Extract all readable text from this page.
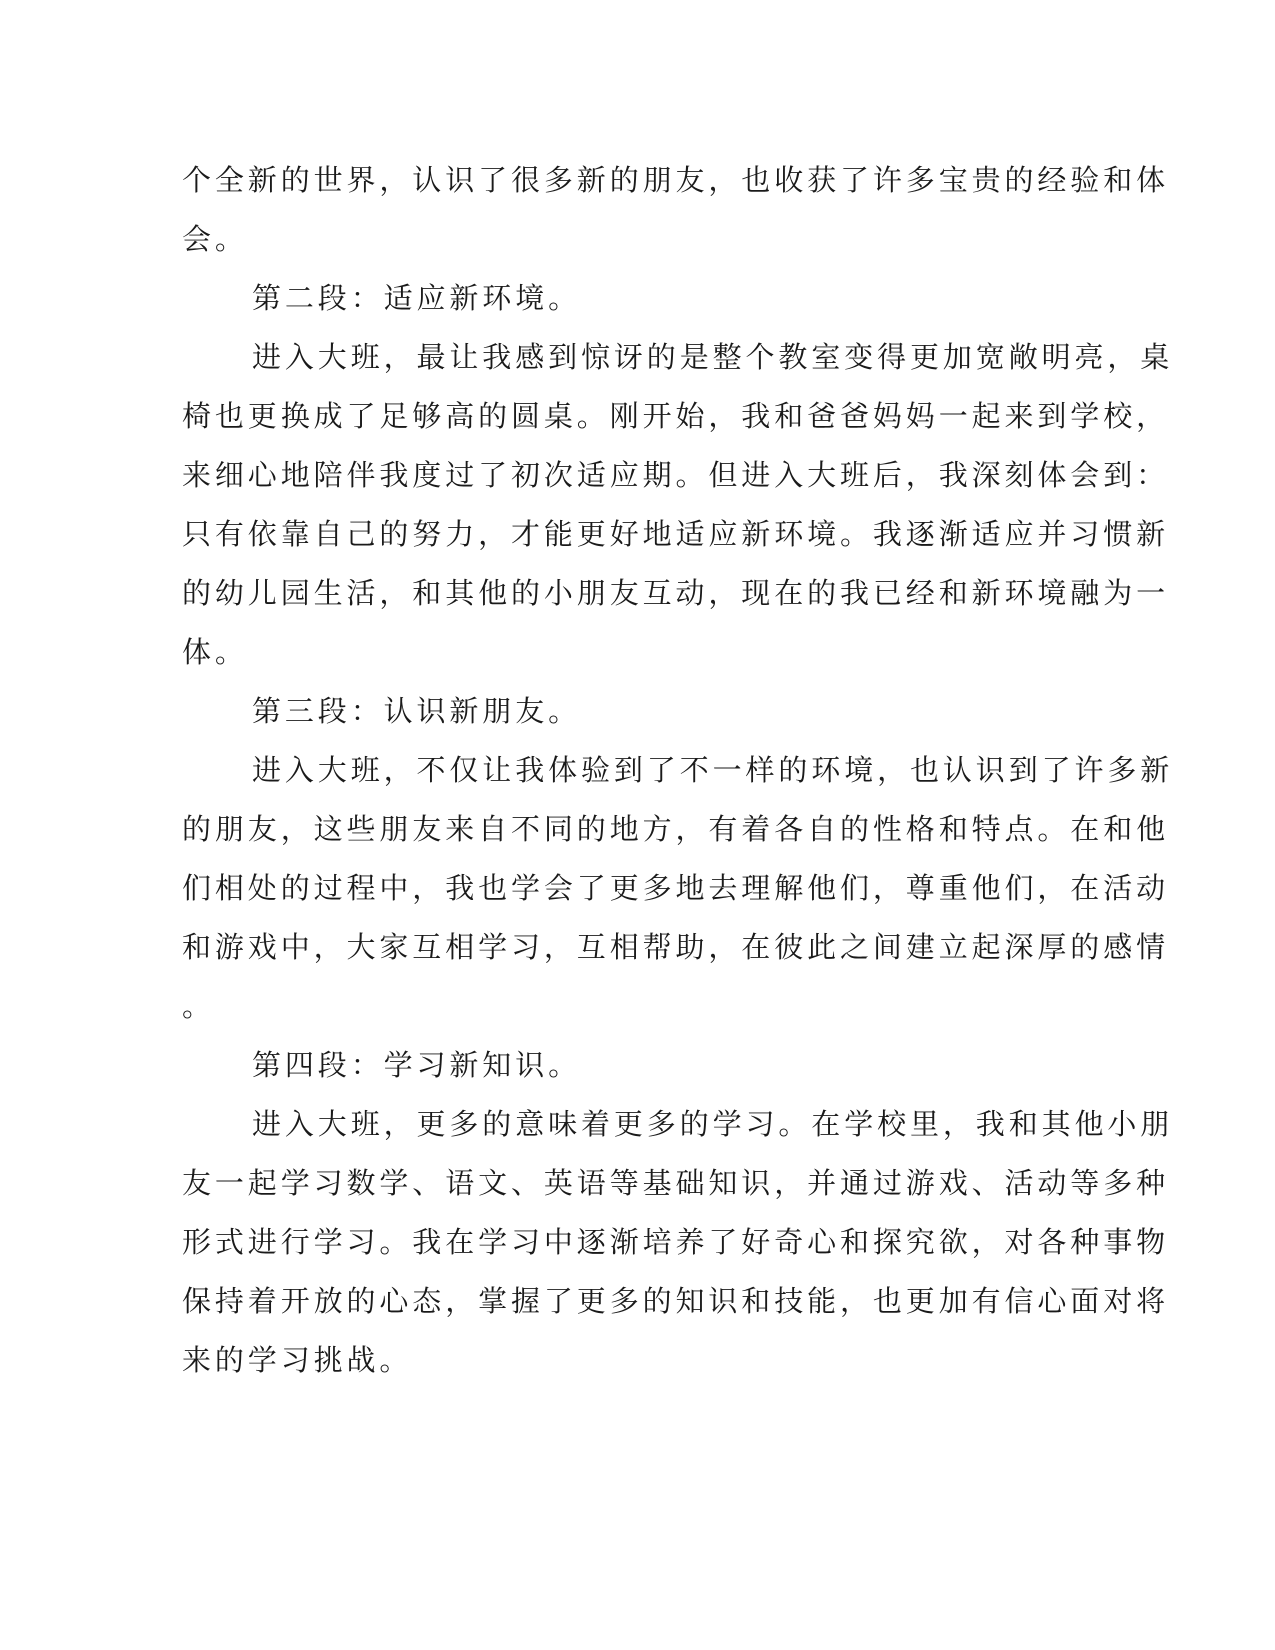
个全新的世界，认识了很多新的朋友，也收获了许多宝贵的经验和体
会。
第二段：适应新环境。
进入大班，最让我感到惊讶的是整个教室变得更加宽敞明亮，桌
椅也更换成了足够高的圆桌。刚开始，我和爸爸妈妈一起来到学校，
来细心地陪伴我度过了初次适应期。但进入大班后，我深刻体会到：
只有依靠自己的努力，才能更好地适应新环境。我逐渐适应并习惯新
的幼儿园生活，和其他的小朋友互动，现在的我已经和新环境融为一
体。
第三段：认识新朋友。
进入大班，不仅让我体验到了不一样的环境，也认识到了许多新
的朋友，这些朋友来自不同的地方，有着各自的性格和特点。在和他
们相处的过程中，我也学会了更多地去理解他们，尊重他们，在活动
和游戏中，大家互相学习，互相帮助，在彼此之间建立起深厚的感情
。
第四段：学习新知识。
进入大班，更多的意味着更多的学习。在学校里，我和其他小朋
友一起学习数学、语文、英语等基础知识，并通过游戏、活动等多种
形式进行学习。我在学习中逐渐培养了好奇心和探究欲，对各种事物
保持着开放的心态，掌握了更多的知识和技能，也更加有信心面对将
来的学习挑战。
